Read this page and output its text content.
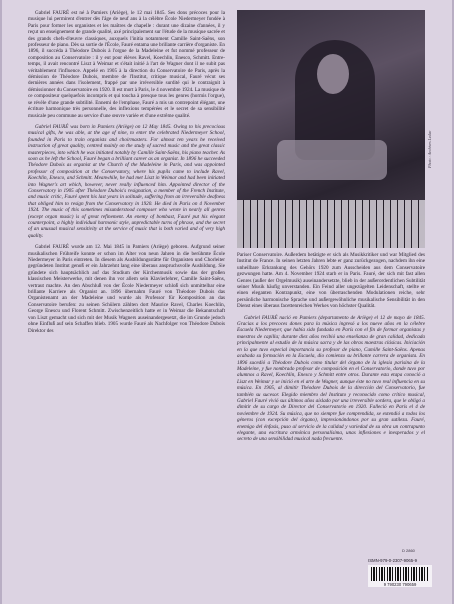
Gabriel FAURÉ est né à Pamiers (Ariège), le 12 mai 1845. Ses dons précoces pour la musique lui permirent d'entrer dès l'âge de neuf ans à la célèbre École Niedermeyer fondée à Paris pour former les organistes et les maîtres de chapelle : durant une dizaine d'années, il y reçut un enseignement de grande qualité, axé principalement sur l'étude de la musique sacrée et des grands chefs-d'œuvre classiques, auxquels l'initia notamment Camille Saint-Saëns, son professeur de piano. Dès sa sortie de l'École, Fauré entama une brillante carrière d'organiste. En 1896, il succéda à Théodore Dubois à l'orgue de la Madeleine et fut nommé professeur de composition au Conservatoire : il y eut pour élèves Ravel, Koechlin, Enesco, Schmitt. Entre-temps, il avait rencontré Liszt à Weimar et s'était initié à l'art de Wagner dont il ne subit pas véritablement l'influence. Appelé en 1905 à la direction du Conservatoire de Paris, après la démission de Théodore Dubois, membre de l'Institut, critique musical, Fauré vécut ses dernières années dans l'isolement, frappé par une irréversible surdité qui le contraignit à démissionner du Conservatoire en 1920. Il est mort à Paris, le 4 novembre 1924. La musique de ce compositeur quelquefois incompris et qui toucha à presque tous les genres (hormis l'orgue), se révèle d'une grande subtilité. Ennemi de l'emphase, Fauré a mis un contrepoint élégant, une écriture harmonique très personnelle, des inflexions tempérées et le secret de sa sensibilité musicale peu commune au service d'une œuvre variée et d'une extrême qualité.

Gabriel FAURÉ was born in Pamiers (Ariège) on 12 May 1845. Owing to his precocious musical gifts, he was able, at the age of nine, to enter the celebrated Niedermeyer School, founded in Paris to train organists and choirmasters. For almost ten years he received instruction of great quality, centred mainly on the study of sacred music and the great classic masterpieces, into which he was initiated notably by Camille Saint-Saëns, his piano teacher. As soon as he left the School, Fauré began a brilliant career as an organist. In 1896 he succeeded Théodore Dubois as organist at the Church of the Madeleine in Paris, and was appointed professor of composition at the Conservatory, where his pupils came to include Ravel, Koechlin, Enesco, and Schmitt. Meanwhile, he had met Liszt in Weimar and had been initiated into Wagner's art which, however, never really influenced him. Appointed director of the Conservatory in 1905 after Théodore Dubois's resignation, a member of the French Institute, and music critic, Fauré spent his last years in solitude, suffering from an irreversible deafness that obliged him to resign from the Conservatory in 1920. He died in Paris on 4 November 1924. The music of this sometimes misunderstood composer who wrote in nearly all genres (except organ music) is of great refinement. An enemy of bombast, Fauré put his elegant counterpoint, a highly individual harmonic style, unpredictable turns of phrase, and the secret of an unusual musical sensitivity at the service of music that is both varied and of very high quality.

Gabriel FAURÉ wurde am 12. Mai 1845 in Pamiers (Ariège) geboren. Aufgrund seiner musikalischen Frühreife konnte er schon im Alter von neun Jahren in die berühmte École Niedermeyer in Paris eintreten. In diesem als Ausbildungsstätte für Organisten und Chorleiter gegründeten Institut genoß er ein Jahrzehnt lang eine überaus anspruchsvolle Ausbildung. Sie gründete sich hauptsächlich auf das Studium der Kirchenmusik sowie das der großen klassischen Meisterwerke, mit denen ihn vor allem sein Klavierlehrer, Camille Saint-Saëns, vertraut machte. An den Abschluß von der École Niedermeyer schloß sich unmittelbar eine brillante Karriere als Organist an. 1896 übernahm Fauré von Théodore Dubois das Organistenamt an der Madeleine und wurde als Professor für Komposition an das Conservatoire berufen: zu seinen Schülern zählten dort Maurice Ravel, Charles Koechlin, George Enescu und Florent Schmitt. Zwischenzeitlich hatte er in Weimar die Bekanntschaft von Liszt gemacht und sich mit der Musik Wagners auseinandergesetzt, die im Grunde jedoch ohne Einfluß auf sein Schaffen blieb. 1905 wurde Fauré als Nachfolger von Théodore Dubois Direktor des

Photo : Archives Leduc

Pariser Conservatoire. Außerdem betätigte er sich als Musikkritiker und war Mitglied des Institut de France. In seinen letzten Jahren lebte er ganz zurückgezogen, nachdem ihn eine unheilbare Erkrankung des Gehörs 1920 zum Ausscheiden aus dem Conservatoire gezwungen hatte. Am 4. November 1924 starb er in Paris. Fauré, der sich mit fast allen Genres (außer der Orgelmusik) auseinandersetzte, blieb in der außerordentlichen Subtilität seiner Musik häufig unverstanden. Ein Feind aller ungezügelten Leidenschaft, stellte er einen eleganten Kontrapunkt, eine von überraschenden Modulationen reiche, sehr persönliche harmonische Sprache und außergewöhnliche musikalische Sensibilität in den Dienst eines überaus facettenreichen Werkes von höchster Qualität.

Gabriel FAURÉ nació en Pamiers (departamento de Ariège) el 12 de mayo de 1845. Gracias a los precoces dones para la música ingresó a los nueve años en la célebre Escuela Niedermeyer, que había sido fundada en París con el fin de formar organistas y maestros de capilla; durante diez años recibió una enseñanza de gran calidad, dedicada principalmente al estudio de la música sacra y de las obras maestras clásicas. Iniciación en la que tuvo especial importancia su profesor de piano, Camille Saint-Saëns. Apenas acabada su formación en la Escuela, dio comienzo su brillante carrera de organista. En 1896 sucedió a Théodore Dubois como titular del órgano de la iglesia parisina de la Madeleine, y fue nombrado profesor de composición en el Conservatorio, donde tuvo por alumnos a Ravel, Koechlin, Enesco y Schmitt entre otros. Durante esta etapa conoció a Liszt en Weimar y se inició en el arte de Wagner, aunque éste no tuvo real influencia en su música. En 1905, al dimitir Théodore Dubois de la dirección del Conservatorio, fue también su sucesor. Elegido miembro del Instituto y reconocido como crítico musical, Gabriel Fauré vivió sus últimos años aislado por una irreversible sordera, que le obligó a dimitir de su cargo de Director del Conservatorio en 1920. Falleció en París el 4 de noviembre de 1924. Su música, que no siempre fue comprendida, se extendió a todos los géneros (con excepción del órgano), impresionándonos por su gran sutileza. Fauré, enemigo del énfasis, puso al servicio de la calidad y variedad de su obra un contrapunto elegante, una escritura armónica personalísima, unas inflexiones e inesperados y el secreto de una sensibilidad musical nada frecuente.

D 2860
ISMN-979-0-2307-9065-9
9 790230 790659
